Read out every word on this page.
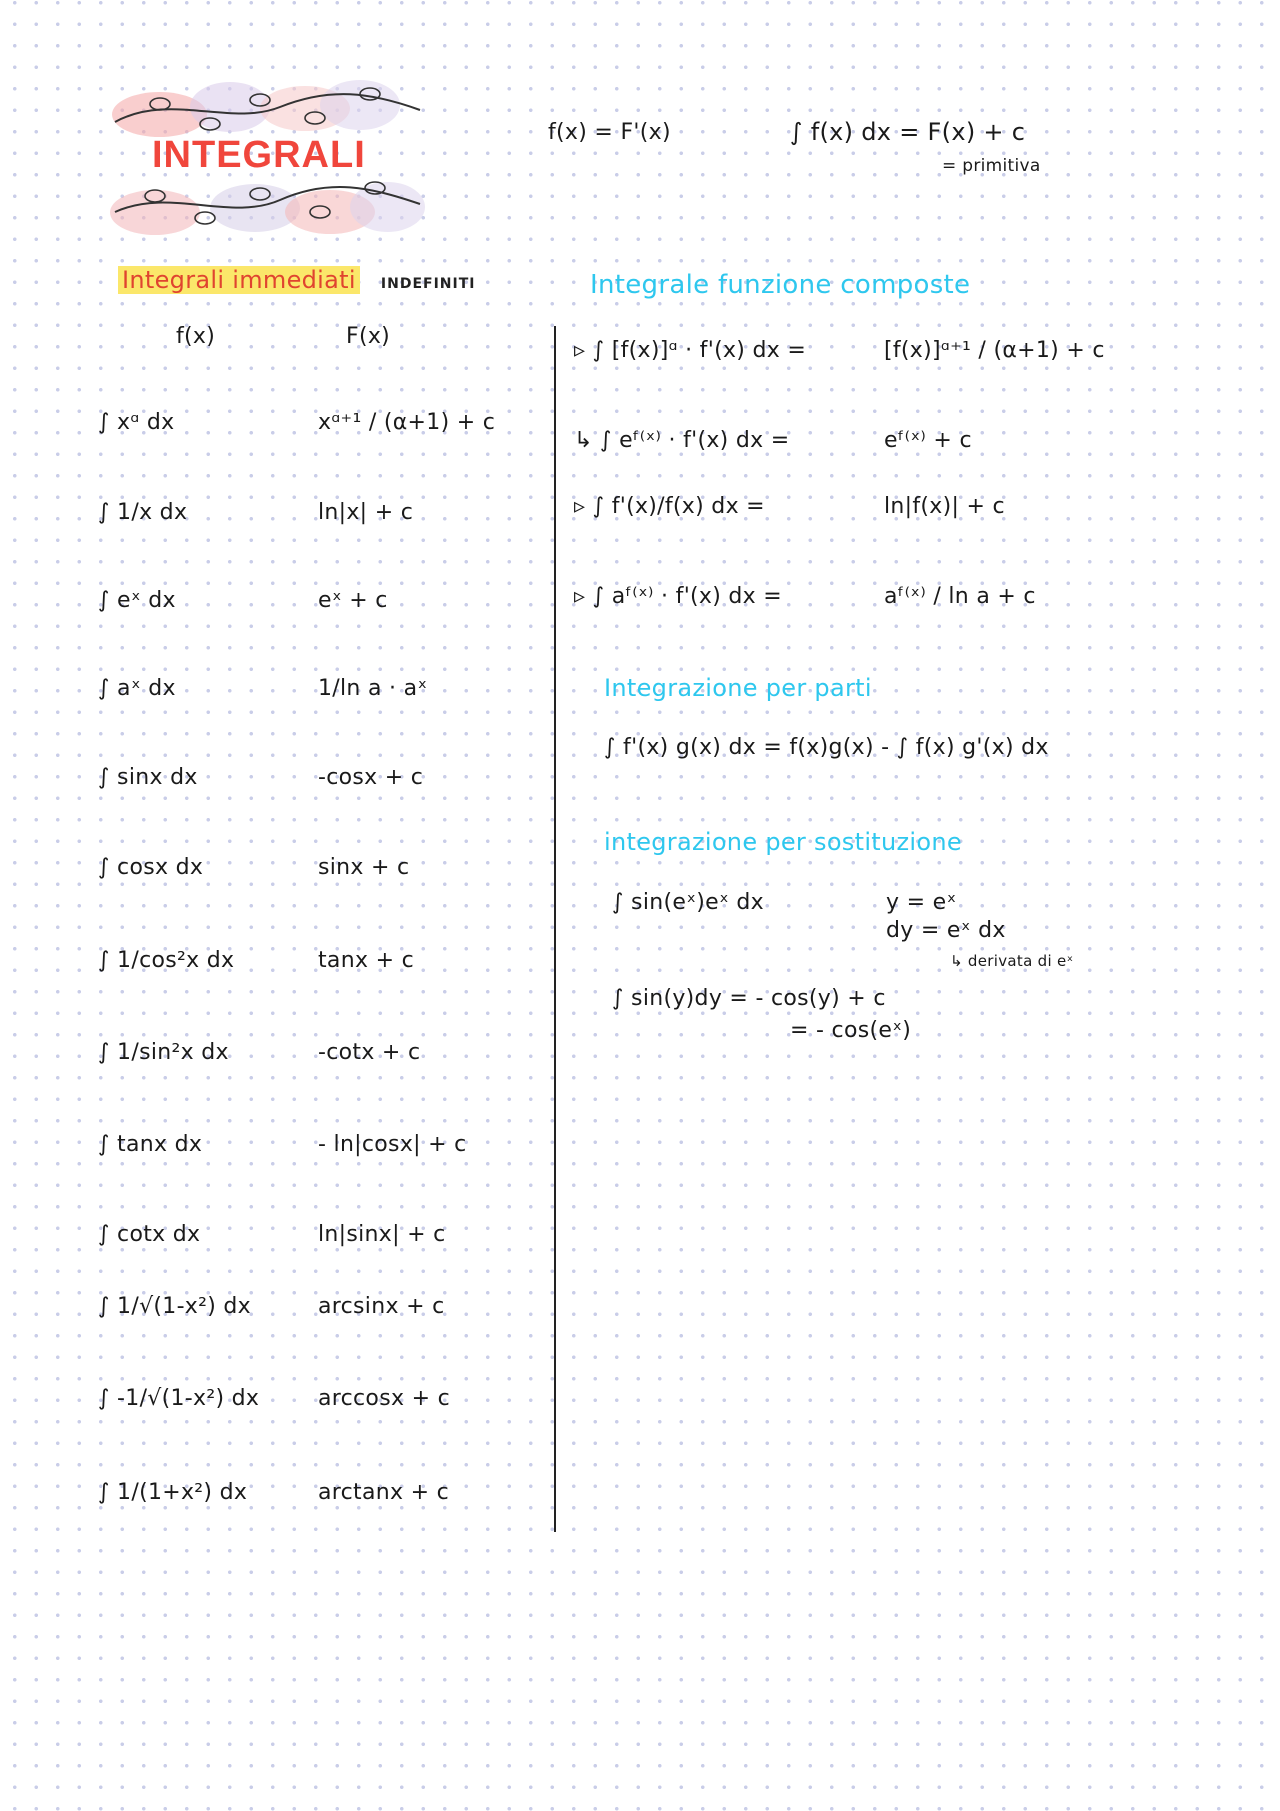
INTEGRALI
f(x) = F'(x)	∫ f(x) dx = F(x) + c
= primitiva
Integrali immediati INDEFINITI
f(x)	F(x)
∫ xᵅ dx	xᵅ⁺¹ / (α+1) + c
∫ 1/x dx	ln|x| + c
∫ eˣ dx	eˣ + c
∫ aˣ dx	1/ln a · aˣ
∫ sinx dx	-cosx + c
∫ cosx dx	sinx + c
∫ 1/cos²x dx	tanx + c
∫ 1/sin²x dx	-cotx + c
∫ tanx dx	- ln|cosx| + c
∫ cotx dx	ln|sinx| + c
∫ 1/√(1-x²) dx	arcsinx + c
∫ -1/√(1-x²) dx	arccosx + c
∫ 1/(1+x²) dx	arctanx + c
Integrale funzione composte
▹ ∫ [f(x)]ᵅ · f'(x) dx =	[f(x)]ᵅ⁺¹ / (α+1) + c
↳ ∫ eᶠ⁽ˣ⁾ · f'(x) dx =	eᶠ⁽ˣ⁾ + c
▹ ∫ f'(x)/f(x) dx =	ln|f(x)| + c
▹ ∫ aᶠ⁽ˣ⁾ · f'(x) dx =	aᶠ⁽ˣ⁾ / ln a + c
Integrazione per parti
∫ f'(x) g(x) dx = f(x)g(x) - ∫ f(x) g'(x) dx
integrazione per sostituzione
∫ sin(eˣ)eˣ dx	y = eˣ
dy = eˣ dx
↳ derivata di eˣ
∫ sin(y)dy = - cos(y) + c
= - cos(eˣ)
